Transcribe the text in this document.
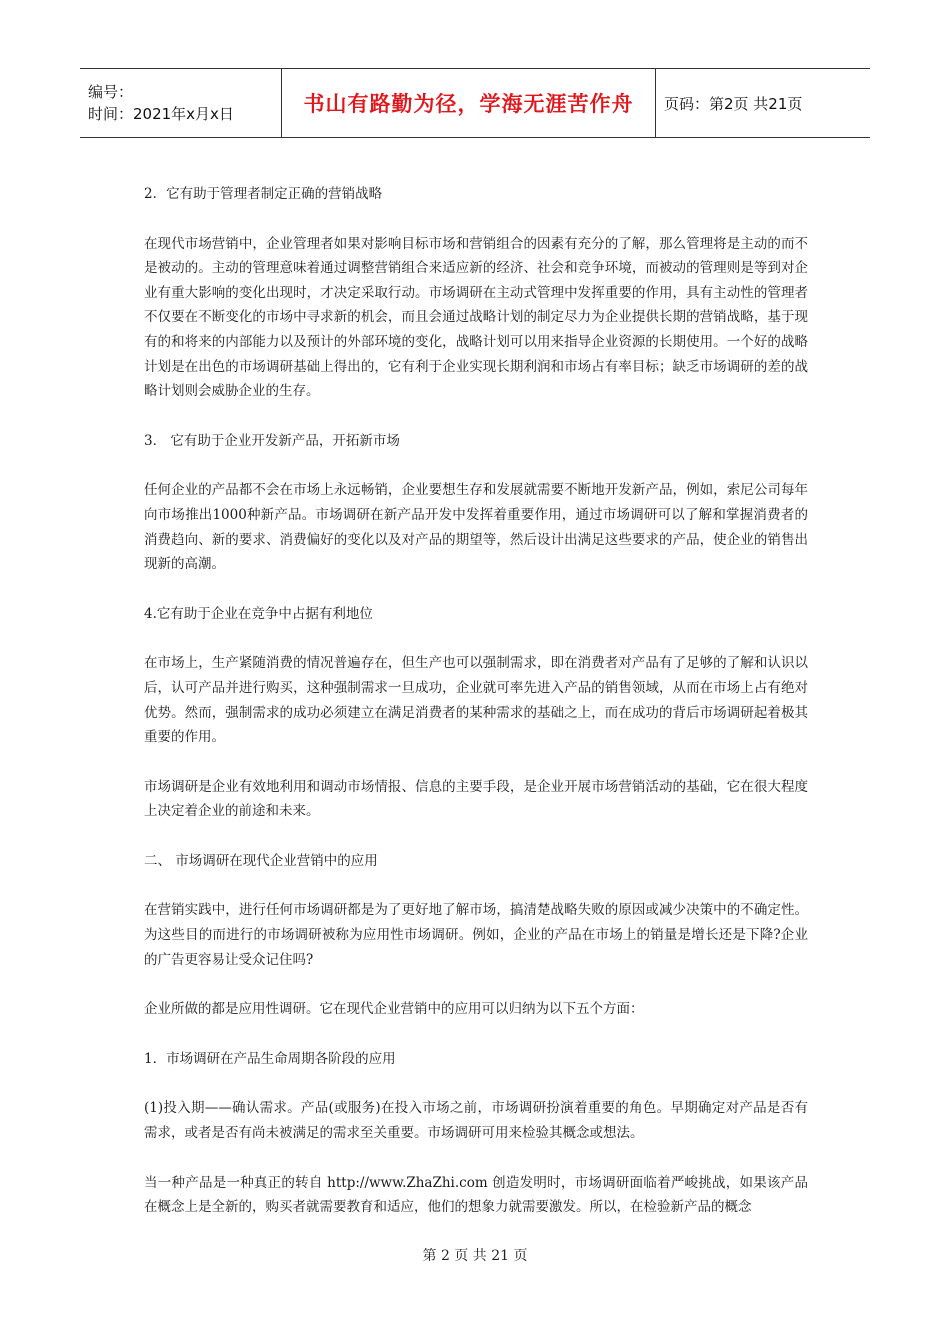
编号：
时间：2021年x月x日	书山有路勤为径，学海无涯苦作舟 页码：第2页 共21页

2．它有助于管理者制定正确的营销战略

在现代市场营销中，企业管理者如果对影响目标市场和营销组合的因素有充分的了解，那么管理将是主动的而不是被动的。主动的管理意味着通过调整营销组合来适应新的经济、社会和竞争环境，而被动的管理则是等到对企业有重大影响的变化出现时，才决定采取行动。市场调研在主动式管理中发挥重要的作用，具有主动性的管理者不仅要在不断变化的市场中寻求新的机会，而且会通过战略计划的制定尽力为企业提供长期的营销战略，基于现有的和将来的内部能力以及预计的外部环境的变化，战略计划可以用来指导企业资源的长期使用。一个好的战略计划是在出色的市场调研基础上得出的，它有利于企业实现长期利润和市场占有率目标；缺乏市场调研的差的战略计划则会威胁企业的生存。

3． 它有助于企业开发新产品，开拓新市场

任何企业的产品都不会在市场上永远畅销，企业要想生存和发展就需要不断地开发新产品，例如，索尼公司每年向市场推出1000种新产品。市场调研在新产品开发中发挥着重要作用，通过市场调研可以了解和掌握消费者的消费趋向、新的要求、消费偏好的变化以及对产品的期望等，然后设计出满足这些要求的产品，使企业的销售出现新的高潮。

4.它有助于企业在竞争中占据有利地位

在市场上，生产紧随消费的情况普遍存在，但生产也可以强制需求，即在消费者对产品有了足够的了解和认识以后，认可产品并进行购买，这种强制需求一旦成功，企业就可率先进入产品的销售领域，从而在市场上占有绝对优势。然而，强制需求的成功必须建立在满足消费者的某种需求的基础之上，而在成功的背后市场调研起着极其重要的作用。

市场调研是企业有效地利用和调动市场情报、信息的主要手段，是企业开展市场营销活动的基础，它在很大程度上决定着企业的前途和未来。

二、 市场调研在现代企业营销中的应用

在营销实践中，进行任何市场调研都是为了更好地了解市场，搞清楚战略失败的原因或减少决策中的不确定性。为这些目的而进行的市场调研被称为应用性市场调研。例如，企业的产品在市场上的销量是增长还是下降?企业的广告更容易让受众记住吗?

企业所做的都是应用性调研。它在现代企业营销中的应用可以归纳为以下五个方面：

1．市场调研在产品生命周期各阶段的应用

(1)投入期——确认需求。产品(或服务)在投入市场之前，市场调研扮演着重要的角色。早期确定对产品是否有需求，或者是否有尚未被满足的需求至关重要。市场调研可用来检验其概念或想法。

当一种产品是一种真正的转自 http://www.ZhaZhi.com 创造发明时，市场调研面临着严峻挑战，如果该产品在概念上是全新的，购买者就需要教育和适应，他们的想象力就需要激发。所以，在检验新产品的概念

第 2 页 共 21 页
